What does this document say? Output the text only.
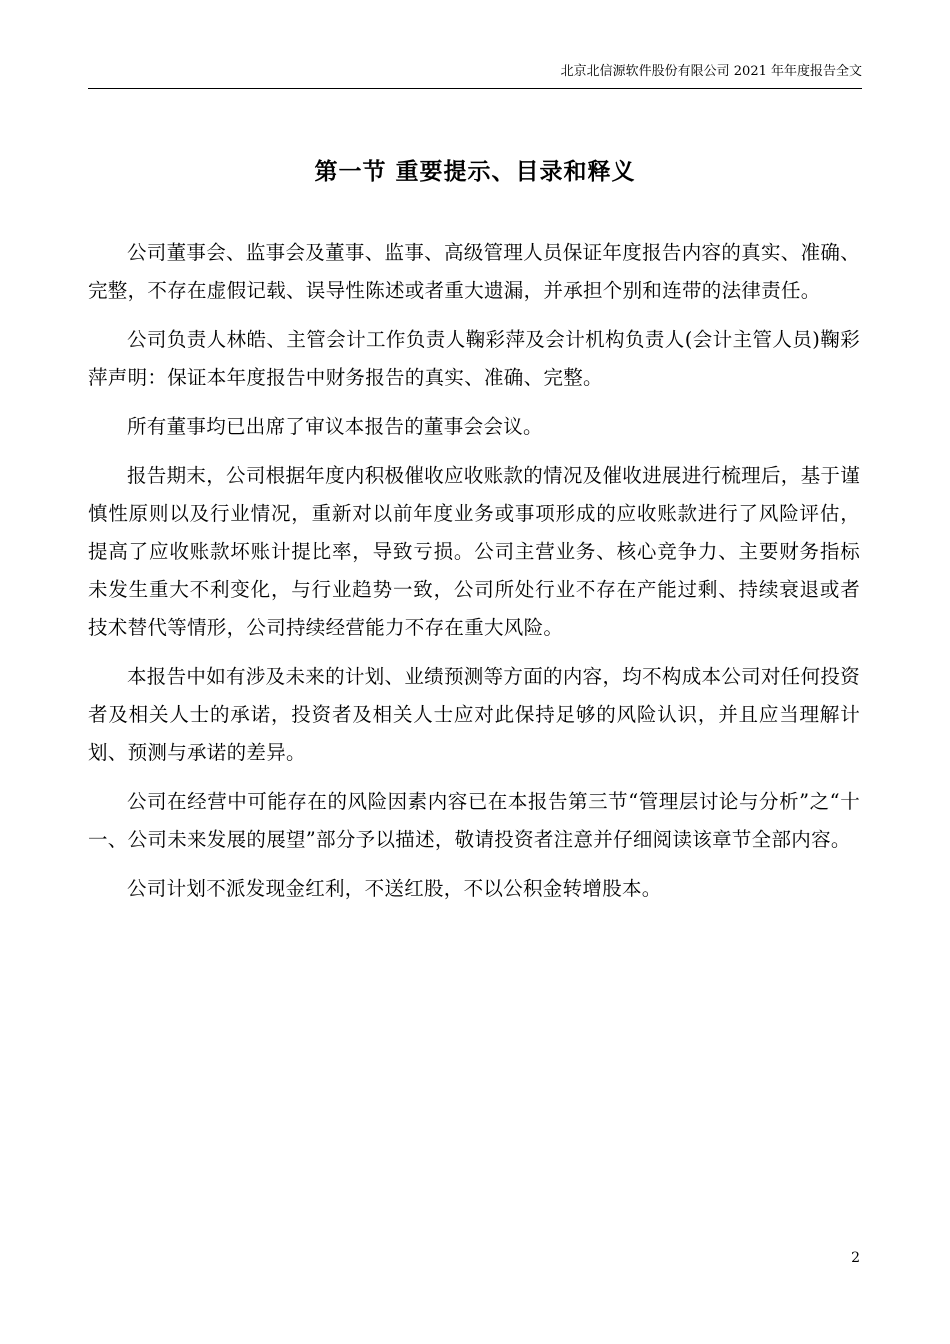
北京北信源软件股份有限公司 2021 年年度报告全文
第一节 重要提示、目录和释义

公司董事会、监事会及董事、监事、高级管理人员保证年度报告内容的真实、准确、完整，不存在虚假记载、误导性陈述或者重大遗漏，并承担个别和连带的法律责任。

公司负责人林皓、主管会计工作负责人鞠彩萍及会计机构负责人(会计主管人员)鞠彩萍声明：保证本年度报告中财务报告的真实、准确、完整。

所有董事均已出席了审议本报告的董事会会议。

报告期末，公司根据年度内积极催收应收账款的情况及催收进展进行梳理后，基于谨慎性原则以及行业情况，重新对以前年度业务或事项形成的应收账款进行了风险评估，提高了应收账款坏账计提比率，导致亏损。公司主营业务、核心竞争力、主要财务指标未发生重大不利变化，与行业趋势一致，公司所处行业不存在产能过剩、持续衰退或者技术替代等情形，公司持续经营能力不存在重大风险。

本报告中如有涉及未来的计划、业绩预测等方面的内容，均不构成本公司对任何投资者及相关人士的承诺，投资者及相关人士应对此保持足够的风险认识，并且应当理解计划、预测与承诺的差异。

公司在经营中可能存在的风险因素内容已在本报告第三节“管理层讨论与分析”之“十一、公司未来发展的展望”部分予以描述，敬请投资者注意并仔细阅读该章节全部内容。

公司计划不派发现金红利，不送红股，不以公积金转增股本。

2
